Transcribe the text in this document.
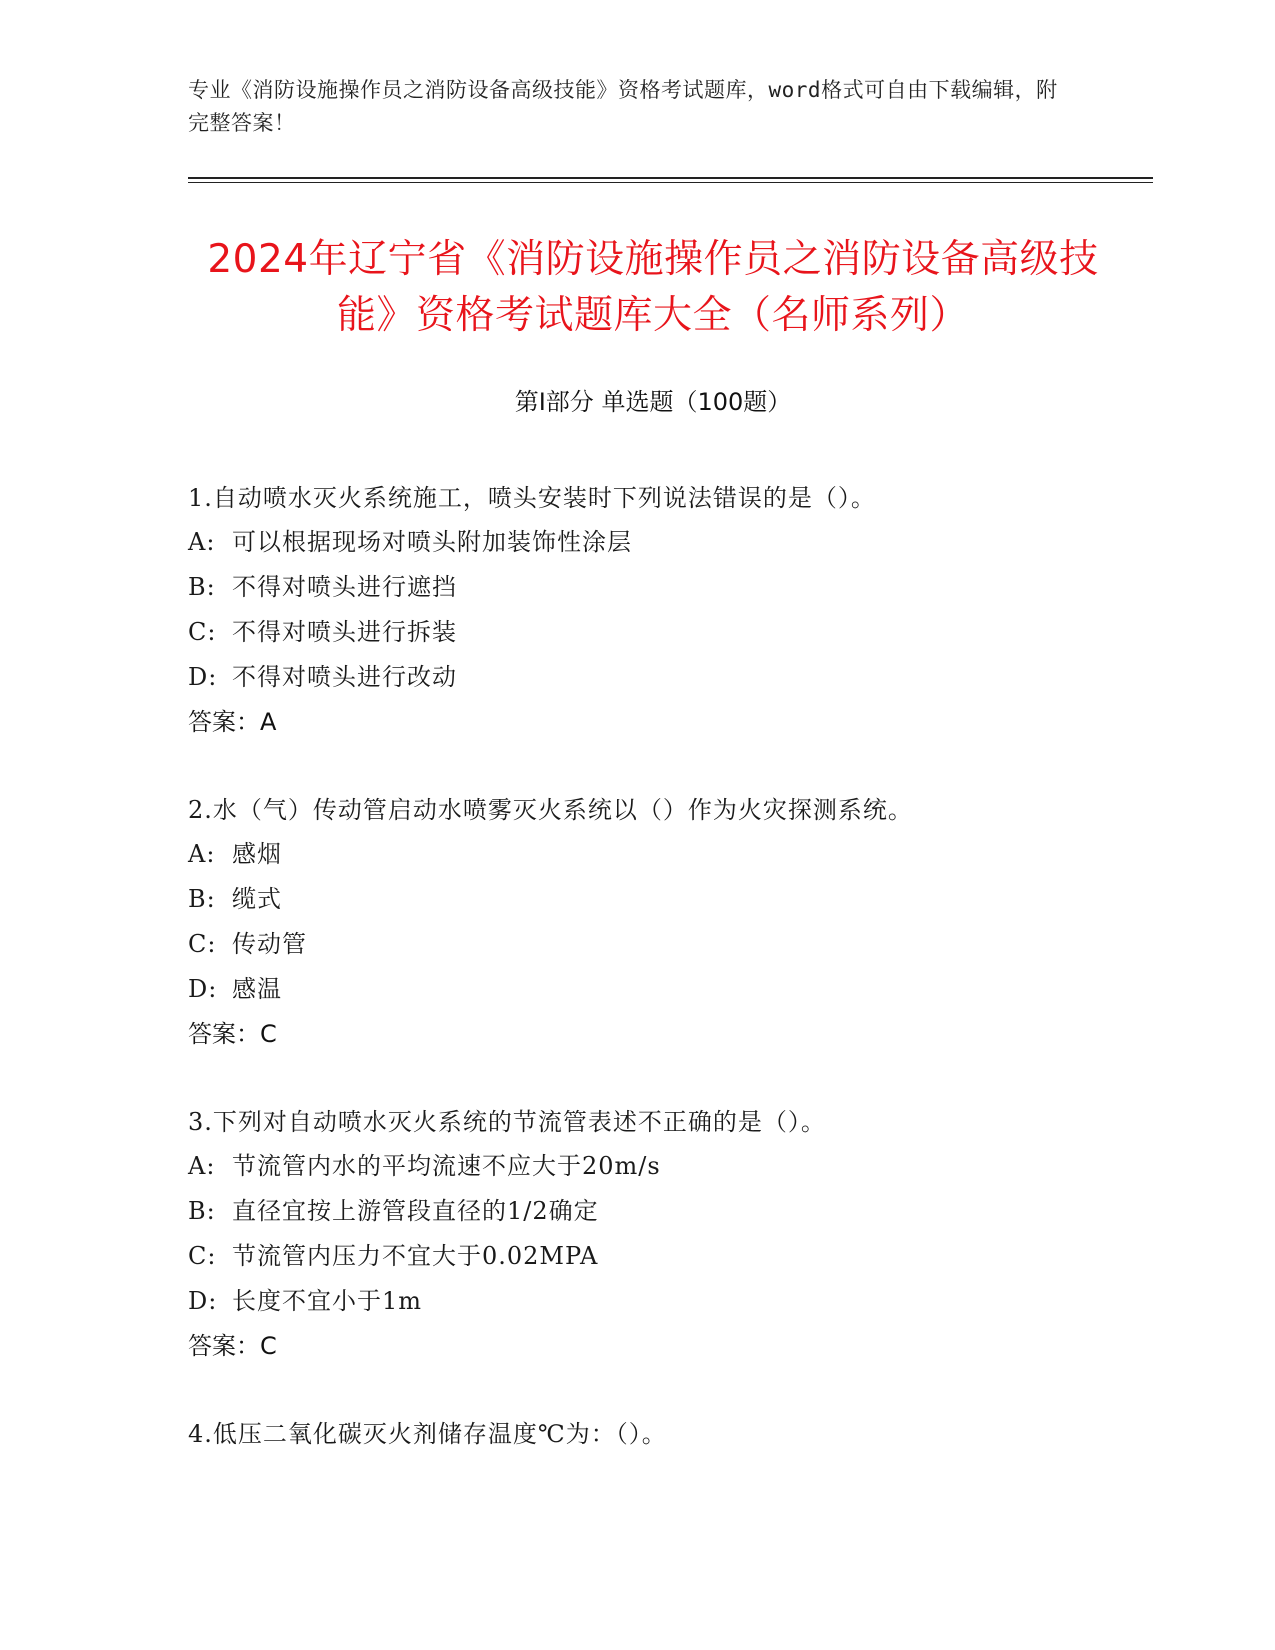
专业《消防设施操作员之消防设备高级技能》资格考试题库，word格式可自由下载编辑，附完整答案！
2024年辽宁省《消防设施操作员之消防设备高级技能》资格考试题库大全（名师系列）
第I部分 单选题（100题）
1.自动喷水灭火系统施工，喷头安装时下列说法错误的是（）。
A: 可以根据现场对喷头附加装饰性涂层
B: 不得对喷头进行遮挡
C: 不得对喷头进行拆装
D: 不得对喷头进行改动
答案：A
2.水（气）传动管启动水喷雾灭火系统以（）作为火灾探测系统。
A: 感烟
B: 缆式
C: 传动管
D: 感温
答案：C
3.下列对自动喷水灭火系统的节流管表述不正确的是（）。
A: 节流管内水的平均流速不应大于20m/s
B: 直径宜按上游管段直径的1/2确定
C: 节流管内压力不宜大于0.02MPA
D: 长度不宜小于1m
答案：C
4.低压二氧化碳灭火剂储存温度℃为：（）。
